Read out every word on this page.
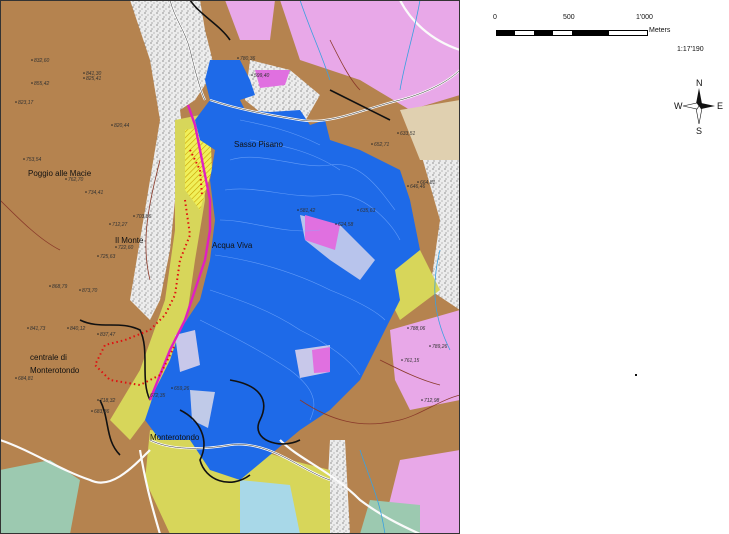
Sasso Pisano
Poggio alle Macie
Il Monte
Acqua Viva
centrale di
Monterotondo
Monterotondo
832,60
855,42
841,30
825,41
823,17
820,44
753,54
762,70
734,41
712,27
703,86
725,63
722,60
868,79
873,70
841,73	840,12
837,47
684,81
718,32
683,86
659,26
672,35
599,40
780,36
788,06
789,26
761,15
712,98
581,42
624,58
635,63
652,71
646,46
664,81
633,51
0	500	1'000
Meters
1:17'190
N
S
W	E
